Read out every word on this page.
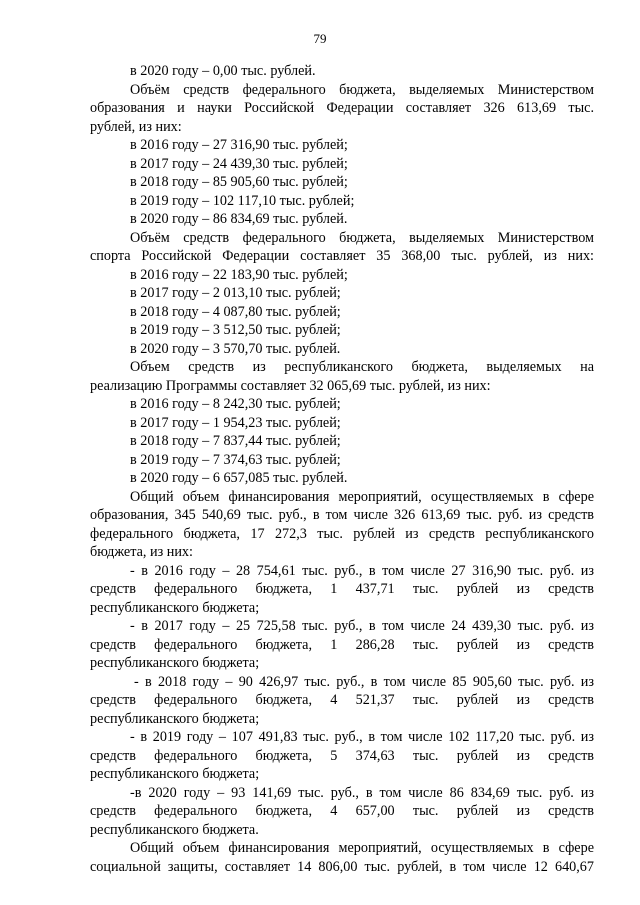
79
в 2020 году – 0,00 тыс. рублей.
Объём средств федерального бюджета, выделяемых Министерством
образования и науки Российской Федерации составляет 326 613,69 тыс.
рублей, из них:
в 2016 году – 27 316,90 тыс. рублей;
в 2017 году – 24 439,30 тыс. рублей;
в 2018 году – 85 905,60 тыс. рублей;
в 2019 году – 102 117,10 тыс. рублей;
в 2020 году – 86 834,69 тыс. рублей.
Объём средств федерального бюджета, выделяемых Министерством
спорта Российской Федерации составляет 35 368,00 тыс. рублей, из них:
в 2016 году – 22 183,90 тыс. рублей;
в 2017 году – 2 013,10 тыс. рублей;
в 2018 году – 4 087,80 тыс. рублей;
в 2019 году – 3 512,50 тыс. рублей;
в 2020 году – 3 570,70 тыс. рублей.
Объем средств из республиканского бюджета, выделяемых на
реализацию Программы составляет 32 065,69 тыс. рублей, из них:
в 2016 году – 8 242,30 тыс. рублей;
в 2017 году – 1 954,23 тыс. рублей;
в 2018 году – 7 837,44 тыс. рублей;
в 2019 году – 7 374,63 тыс. рублей;
в 2020 году – 6 657,085 тыс. рублей.
Общий объем финансирования мероприятий, осуществляемых в сфере
образования, 345 540,69 тыс. руб., в том числе 326 613,69 тыс. руб. из средств
федерального бюджета, 17 272,3 тыс. рублей из средств республиканского
бюджета, из них:
- в 2016 году – 28 754,61 тыс. руб., в том числе 27 316,90 тыс. руб. из
средств федерального бюджета, 1 437,71 тыс. рублей из средств
республиканского бюджета;
- в 2017 году – 25 725,58 тыс. руб., в том числе 24 439,30 тыс. руб. из
средств федерального бюджета, 1 286,28 тыс. рублей из средств
республиканского бюджета;
- в 2018 году – 90 426,97 тыс. руб., в том числе 85 905,60 тыс. руб. из
средств федерального бюджета, 4 521,37 тыс. рублей из средств
республиканского бюджета;
- в 2019 году – 107 491,83 тыс. руб., в том числе 102 117,20 тыс. руб. из
средств федерального бюджета, 5 374,63 тыс. рублей из средств
республиканского бюджета;
-в 2020 году – 93 141,69 тыс. руб., в том числе 86 834,69 тыс. руб. из
средств федерального бюджета, 4 657,00 тыс. рублей из средств
республиканского бюджета.
Общий объем финансирования мероприятий, осуществляемых в сфере
социальной защиты, составляет 14 806,00 тыс. рублей, в том числе 12 640,67
